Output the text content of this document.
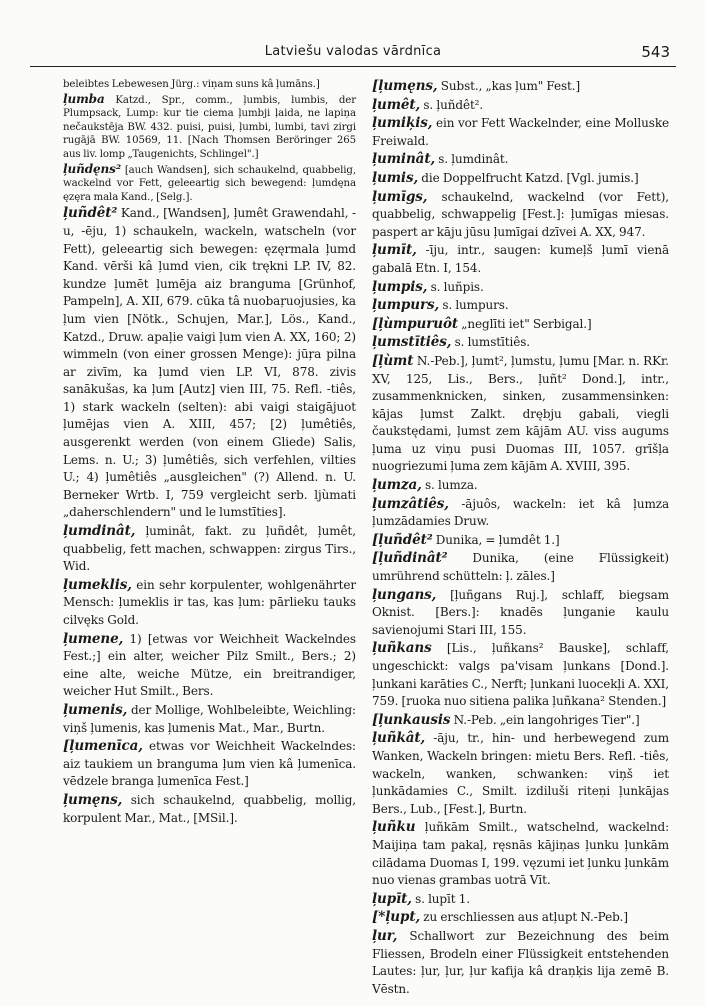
Latviešu valodas vārdnīca	543
beleibtes Lebewesen Jürg.: viņam suns kâ ļumāns.]
ļumba Katzd., Spr., comm., ļumbis, lumbis, der Plumpsack, Lump: kur tie ciema ļumbji ļaida, ne lapiņa nečaukstēja BW. 432. puisi, puisi, ļumbi, lumbi, tavi zirgi rugājā BW. 10569, 11. [Nach Thomsen Beröringer 265 aus liv. lomp „Taugenichts, Schlingel".]
ļuñdęns² [auch Wandsen], sich schaukelnd, quabbelig, wackelnd vor Fett, geleeartig sich bewegend: ļumdęna ęzęra mala Kand., [Selg.].
ļuñdêt² Kand., [Wandsen], ļumêt Grawendahl, -u, -ēju, 1) schaukeln, wackeln, watscheln (vor Fett), geleeartig sich bewegen: ęzęrmala ļumd Kand. vērši kâ ļumd vien, cik trękni LP. IV, 82. kundze ļumēt ļumēja aiz branguma [Grünhof, Pampeln], A. XII, 679. cūka tâ nuobaŗuojusies, ka ļum vien [Nötk., Schujen, Mar.], Lös., Kand., Katzd., Druw. apaļie vaigi ļum vien A. XX, 160; 2) wimmeln (von einer grossen Menge): jūŗa pilna ar zivīm, ka ļumd vien LP. VI, 878. zivis sanākušas, ka ļum [Autz] vien III, 75. Refl. -tiês, 1) stark wackeln (selten): abi vaigi staigājuot ļumējas vien A. XIII, 457; [2) ļumêtiês, ausgerenkt werden (von einem Gliede) Salis, Lems. n. U.; 3) ļumêtiês, sich verfehlen, vilties U.; 4) ļumêtiês „ausgleichen" (?) Allend. n. U. Berneker Wrtb. I, 759 vergleicht serb. ljùmati „daherschlendern" und le lumstīties].
ļumdinât, ļuminât, fakt. zu ļuñdêt, ļumêt, quabbelig, fett machen, schwappen: zirgus Tirs., Wid.
ļumeklis, ein sehr korpulenter, wohlgenährter Mensch: ļumeklis ir tas, kas ļum: pārlieku tauks cilvęks Gold.
ļumene, 1) [etwas vor Weichheit Wackelndes Fest.;] ein alter, weicher Pilz Smilt., Bers.; 2) eine alte, weiche Mütze, ein breitrandiger, weicher Hut Smilt., Bers.
ļumenis, der Mollige, Wohlbeleibte, Weichling: viņš ļumenis, kas ļumenis Mat., Mar., Burtn.
[ļumenīca, etwas vor Weichheit Wackelndes: aiz taukiem un branguma ļum vien kâ ļumenīca. vēdzele branga ļumenīca Fest.]
ļumęns, sich schaukelnd, quabbelig, mollig, korpulent Mar., Mat., [MSil.].
[ļumęns, Subst., „kas ļum" Fest.]
ļumêt, s. ļuñdêt².
ļumiķis, ein vor Fett Wackelnder, eine Molluske Freiwald.
ļuminât, s. ļumdinât.
ļumis, die Doppelfrucht Katzd. [Vgl. jumis.]
ļumīgs, schaukelnd, wackelnd (vor Fett), quabbelig, schwappelig [Fest.]: ļumīgas miesas. paspert ar kāju jūsu ļumīgai dzīvei A. XX, 947.
ļumīt, -īju, intr., saugen: kumeļš ļumī vienā gabalā Etn. I, 154.
ļumpis, s. luñpis.
ļumpurs, s. lumpurs.
[ļùmpuruôt „neglīti iet" Serbigal.]
ļumstītiês, s. lumstītiês.
[ļùmt N.-Peb.], ļumt², ļumstu, ļumu [Mar. n. RKr. XV, 125, Lis., Bers., ļuñt² Dond.], intr., zusammenknicken, sinken, zusammensinken: kājas ļumst Zalkt. drębju gabali, viegli čaukstędami, ļumst zem kājām AU. viss augums ļuma uz viņu pusi Duomas III, 1057. grīšļa nuogriezumi ļuma zem kājām A. XVIII, 395.
ļumza, s. lumza.
ļumzâtiês, -ājuôs, wackeln: iet kâ ļumza ļumzādamies Druw.
[ļuñdêt² Dunika, = ļumdêt 1.]
[ļuñdinât² Dunika, (eine Flüssigkeit) umrührend schütteln: ļ. zāles.]
ļungans, [ļuñgans Ruj.], schlaff, biegsam Oknist. [Bers.]: knadēs ļunganie kaulu savienojumi Stari III, 155.
ļuñkans [Lis., ļuñkans² Bauske], schlaff, ungeschickt: valgs pa'visam ļunkans [Dond.]. ļunkani karāties C., Nerft; ļunkani luocekļi A. XXI, 759. [ruoka nuo sitiena palika ļuñkana² Stenden.]
[ļunkausis N.-Peb. „ein langohriges Tier".]
ļuñkât, -āju, tr., hin- und herbewegend zum Wanken, Wackeln bringen: mietu Bers. Refl. -tiês, wackeln, wanken, schwanken: viņš iet ļunkādamies C., Smilt. izdiluši riteņi ļunkājas Bers., Lub., [Fest.], Burtn.
ļuñku ļuñkām Smilt., watschelnd, wackelnd: Maijiņa tam pakaļ, ręsnās kājiņas ļunku ļunkām cilādama Duomas I, 199. vęzumi iet ļunku ļunkām nuo vienas grambas uotrā Vīt.
ļupīt, s. lupīt 1.
[*ļupt, zu erschliessen aus atļupt N.-Peb.]
ļur, Schallwort zur Bezeichnung des beim Fliessen, Brodeln einer Flüssigkeit entstehenden Lautes: ļur, ļur, ļur kafija kâ draņķis lija zemē B. Vēstn.
